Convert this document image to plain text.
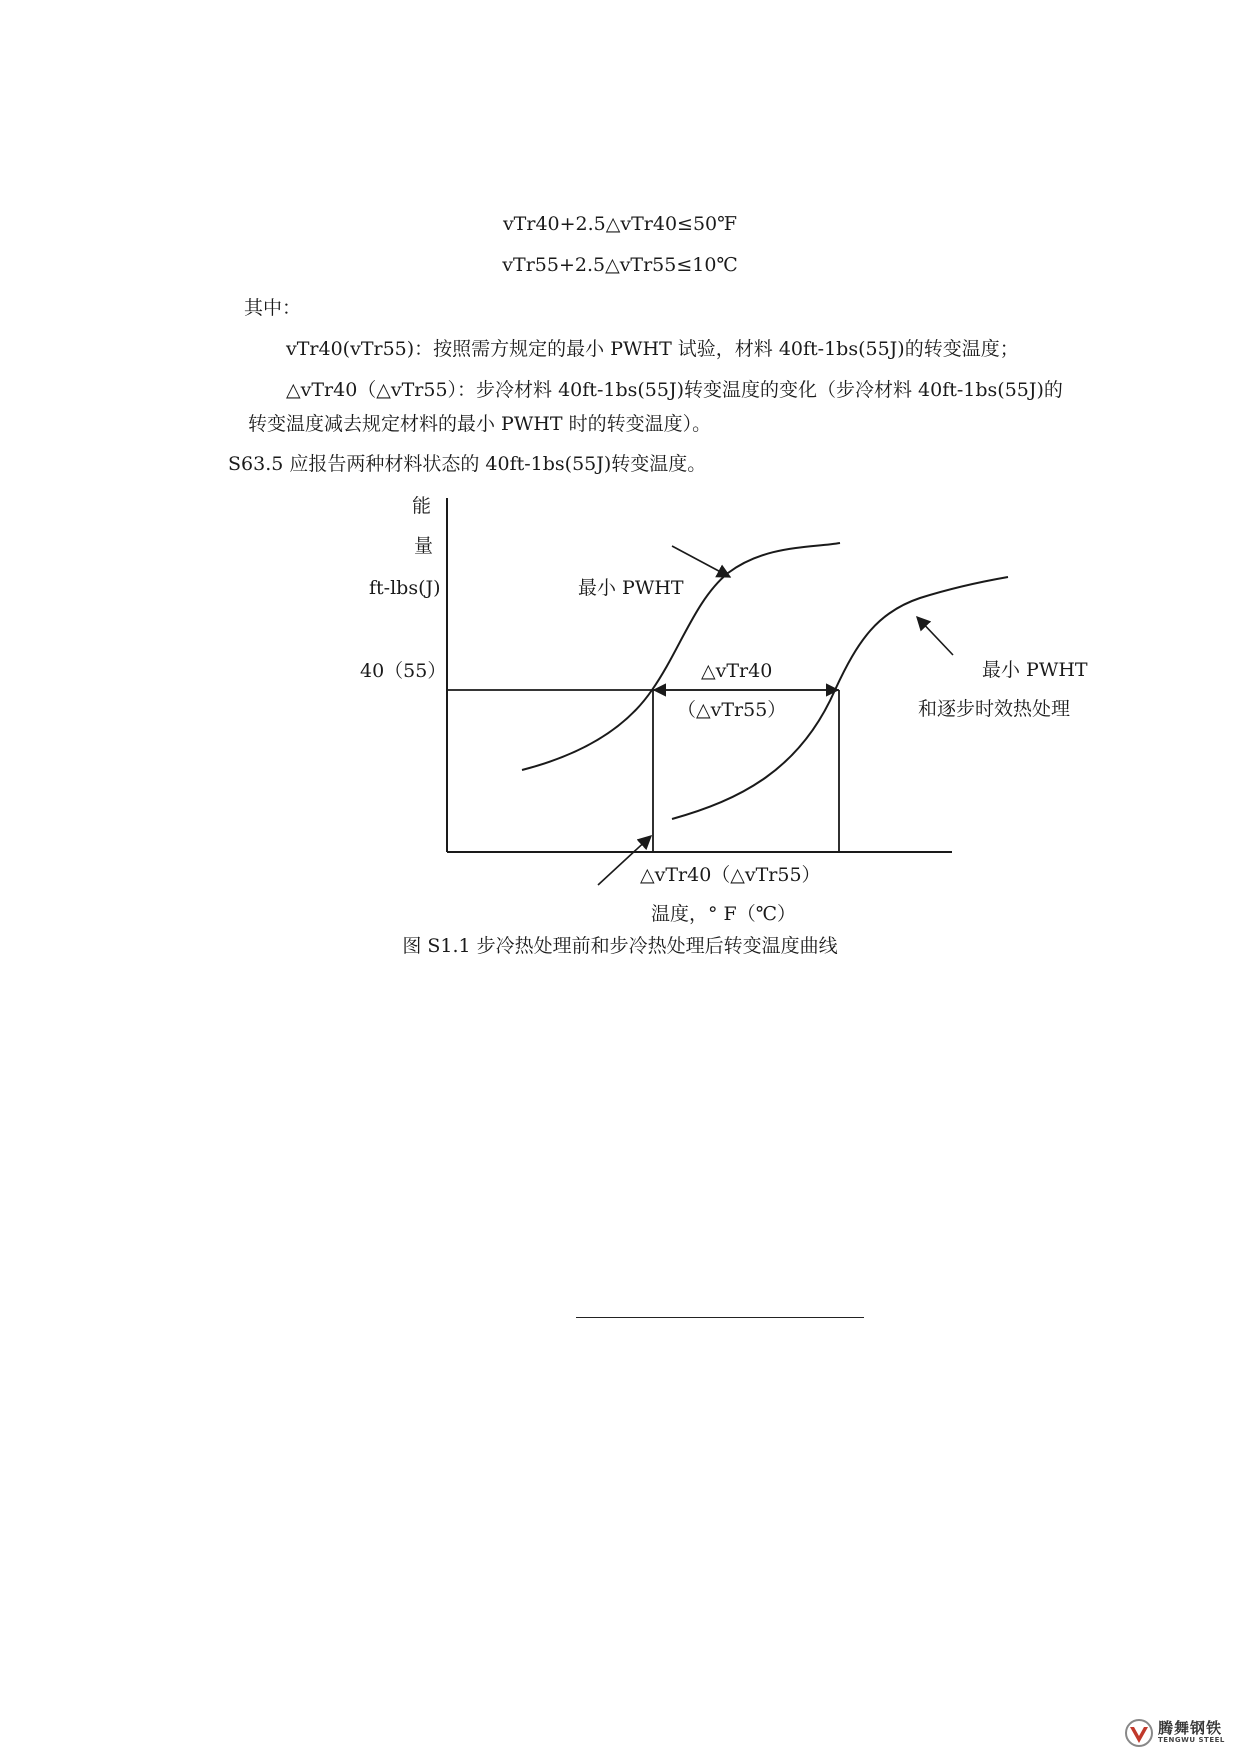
vTr40+2.5△vTr40≤50℉
vTr55+2.5△vTr55≤10℃
其中：
vTr40(vTr55)：按照需方规定的最小 PWHT 试验，材料 40ft-1bs(55J)的转变温度；
△vTr40（△vTr55）：步冷材料 40ft-1bs(55J)转变温度的变化（步冷材料 40ft-1bs(55J)的
转变温度减去规定材料的最小 PWHT 时的转变温度）。
S63.5 应报告两种材料状态的 40ft-1bs(55J)转变温度。
能
量
ft-lbs(J)
40（55）
最小 PWHT
最小 PWHT
和逐步时效热处理
△vTr40
（△vTr55）
△vTr40（△vTr55）
温度，° F（℃）
图 S1.1 步冷热处理前和步冷热处理后转变温度曲线
腾舞钢铁
TENGWU STEEL
